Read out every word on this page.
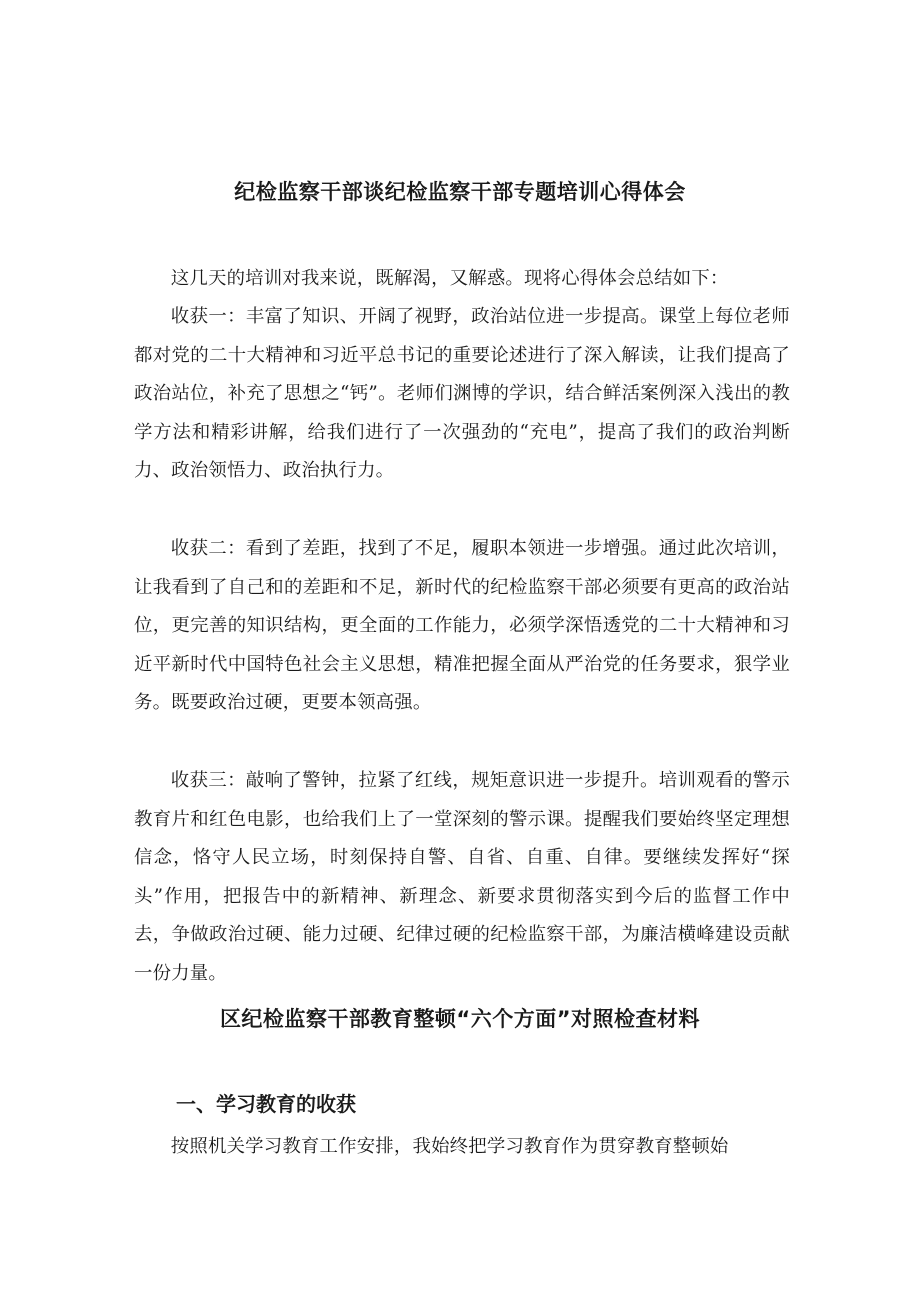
纪检监察干部谈纪检监察干部专题培训心得体会

这几天的培训对我来说，既解渴，又解惑。现将心得体会总结如下：

收获一：丰富了知识、开阔了视野，政治站位进一步提高。课堂上每位老师都对党的二十大精神和习近平总书记的重要论述进行了深入解读，让我们提高了政治站位，补充了思想之“钙”。老师们渊博的学识，结合鲜活案例深入浅出的教学方法和精彩讲解，给我们进行了一次强劲的“充电”，提高了我们的政治判断力、政治领悟力、政治执行力。

收获二：看到了差距，找到了不足，履职本领进一步增强。通过此次培训，让我看到了自己和的差距和不足，新时代的纪检监察干部必须要有更高的政治站位，更完善的知识结构，更全面的工作能力，必须学深悟透党的二十大精神和习近平新时代中国特色社会主义思想，精准把握全面从严治党的任务要求，狠学业务。既要政治过硬，更要本领高强。

收获三：敲响了警钟，拉紧了红线，规矩意识进一步提升。培训观看的警示教育片和红色电影，也给我们上了一堂深刻的警示课。提醒我们要始终坚定理想信念，恪守人民立场，时刻保持自警、自省、自重、自律。要继续发挥好“探头”作用，把报告中的新精神、新理念、新要求贯彻落实到今后的监督工作中去，争做政治过硬、能力过硬、纪律过硬的纪检监察干部，为廉洁横峰建设贡献一份力量。

区纪检监察干部教育整顿“六个方面”对照检查材料
一、学习教育的收获

按照机关学习教育工作安排，我始终把学习教育作为贯穿教育整顿始
